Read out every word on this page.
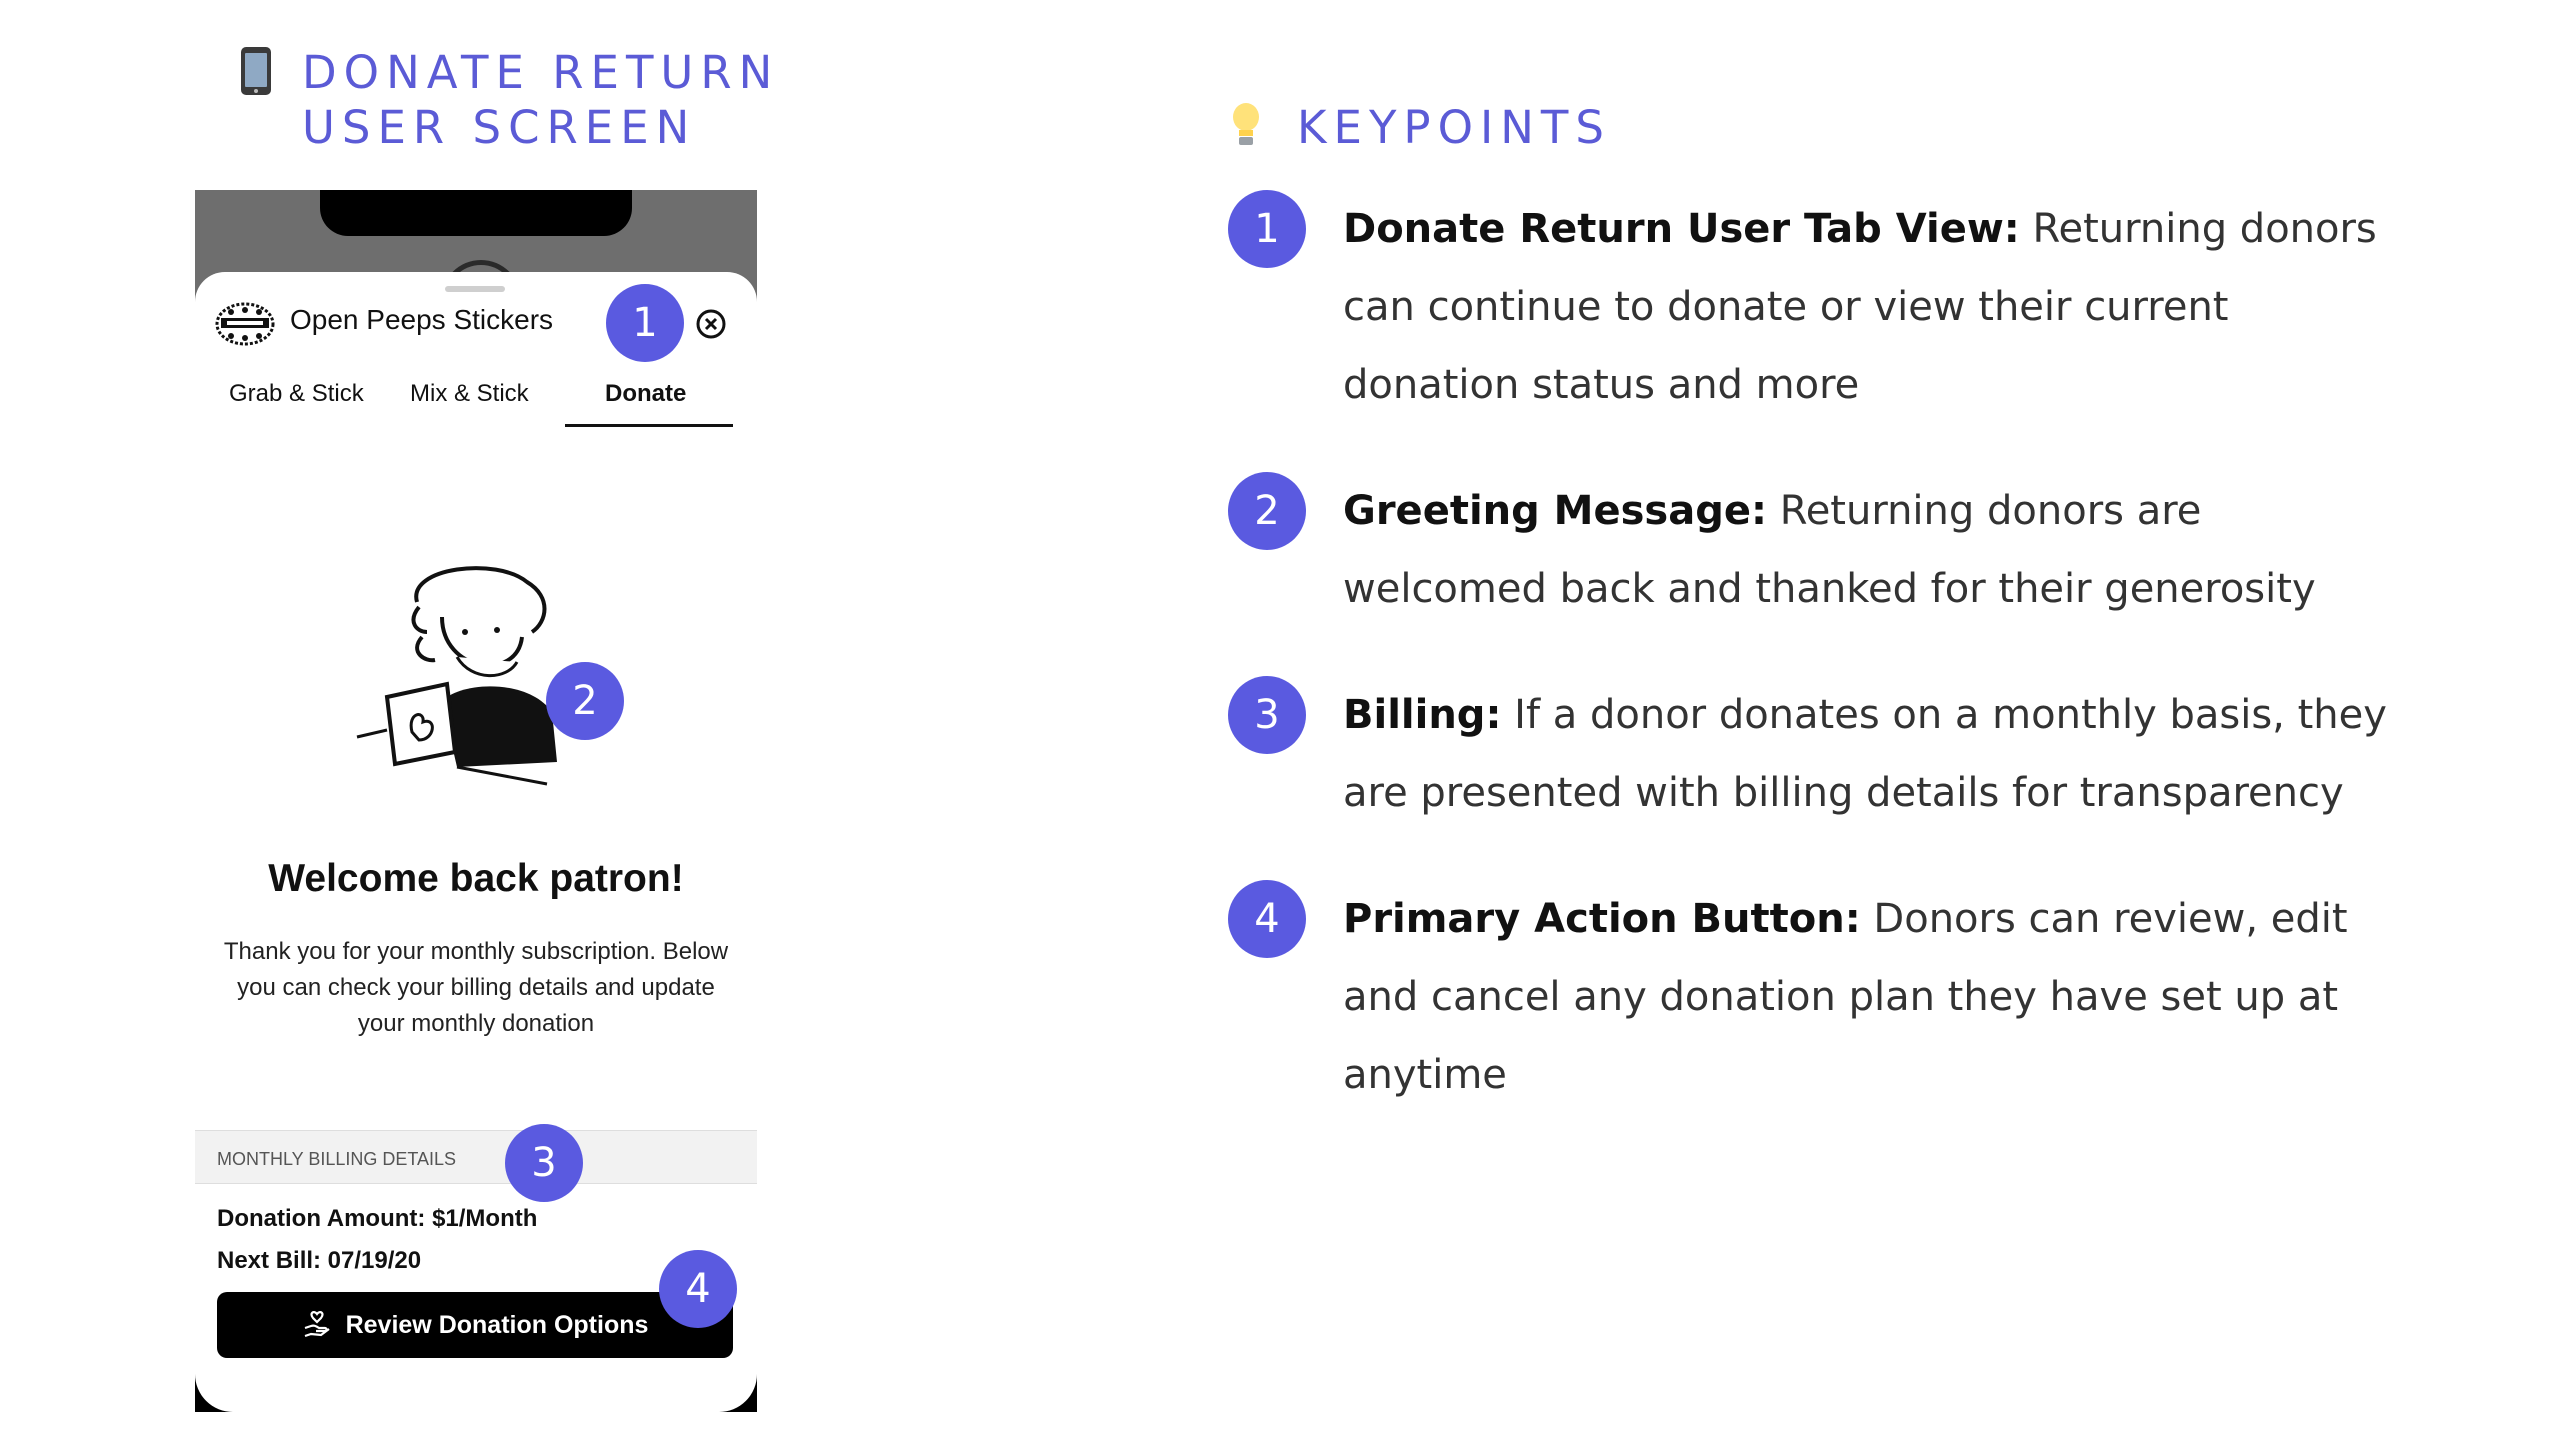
DONATE RETURN
USER SCREEN	KEYPOINTS
Open Peeps Stickers
Grab & Stick Mix & Stick	Donate
Welcome back patron!

Thank you for your monthly subscription. Below you can check your billing details and update your monthly donation

MONTHLY BILLING DETAILS
Donation Amount: $1/Month
Next Bill: 07/19/20
Review Donation Options
1
2
3
4
1	Donate Return User Tab View: Returning donors can continue to donate or view their current donation status and more

2	Greeting Message: Returning donors are welcomed back and thanked for their generosity

3	Billing: If a donor donates on a monthly basis, they are presented with billing details for transparency

4	Primary Action Button: Donors can review, edit and cancel any donation plan they have set up at anytime
